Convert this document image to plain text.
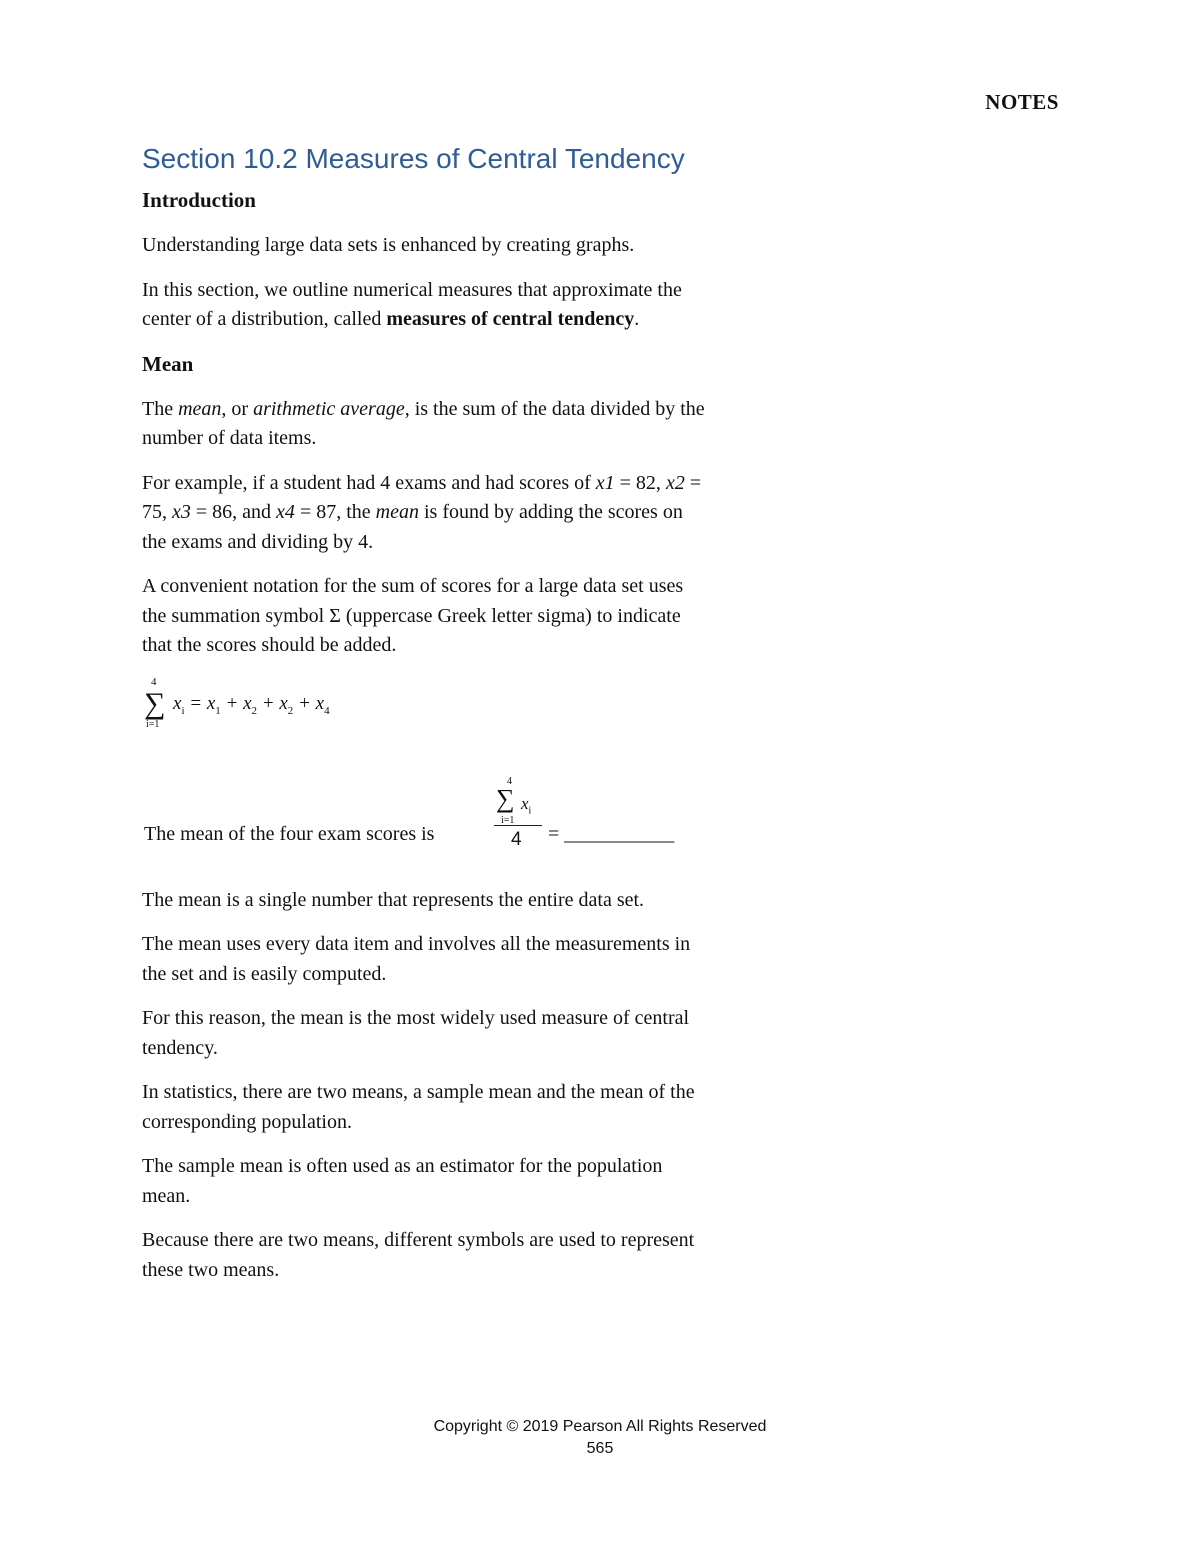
NOTES
Section 10.2 Measures of Central Tendency
Introduction

Understanding large data sets is enhanced by creating graphs.

In this section, we outline numerical measures that approximate the center of a distribution, called measures of central tendency.

Mean

The mean, or arithmetic average, is the sum of the data divided by the number of data items.

For example, if a student had 4 exams and had scores of x1 = 82, x2 = 75, x3 = 86, and x4 = 87, the mean is found by adding the scores on the exams and dividing by 4.

A convenient notation for the sum of scores for a large data set uses the summation symbol Σ (uppercase Greek letter sigma) to indicate that the scores should be added.

4
∑
i=1
$x_i = x_1 + x_2 + x_2 + x_4$
The mean of the four exam scores is
4
∑ $x_i$
i=1
4 = ___________

The mean is a single number that represents the entire data set.

The mean uses every data item and involves all the measurements in the set and is easily computed.

For this reason, the mean is the most widely used measure of central tendency.

In statistics, there are two means, a sample mean and the mean of the corresponding population.

The sample mean is often used as an estimator for the population mean.

Because there are two means, different symbols are used to represent these two means.

Copyright © 2019 Pearson All Rights Reserved
565
